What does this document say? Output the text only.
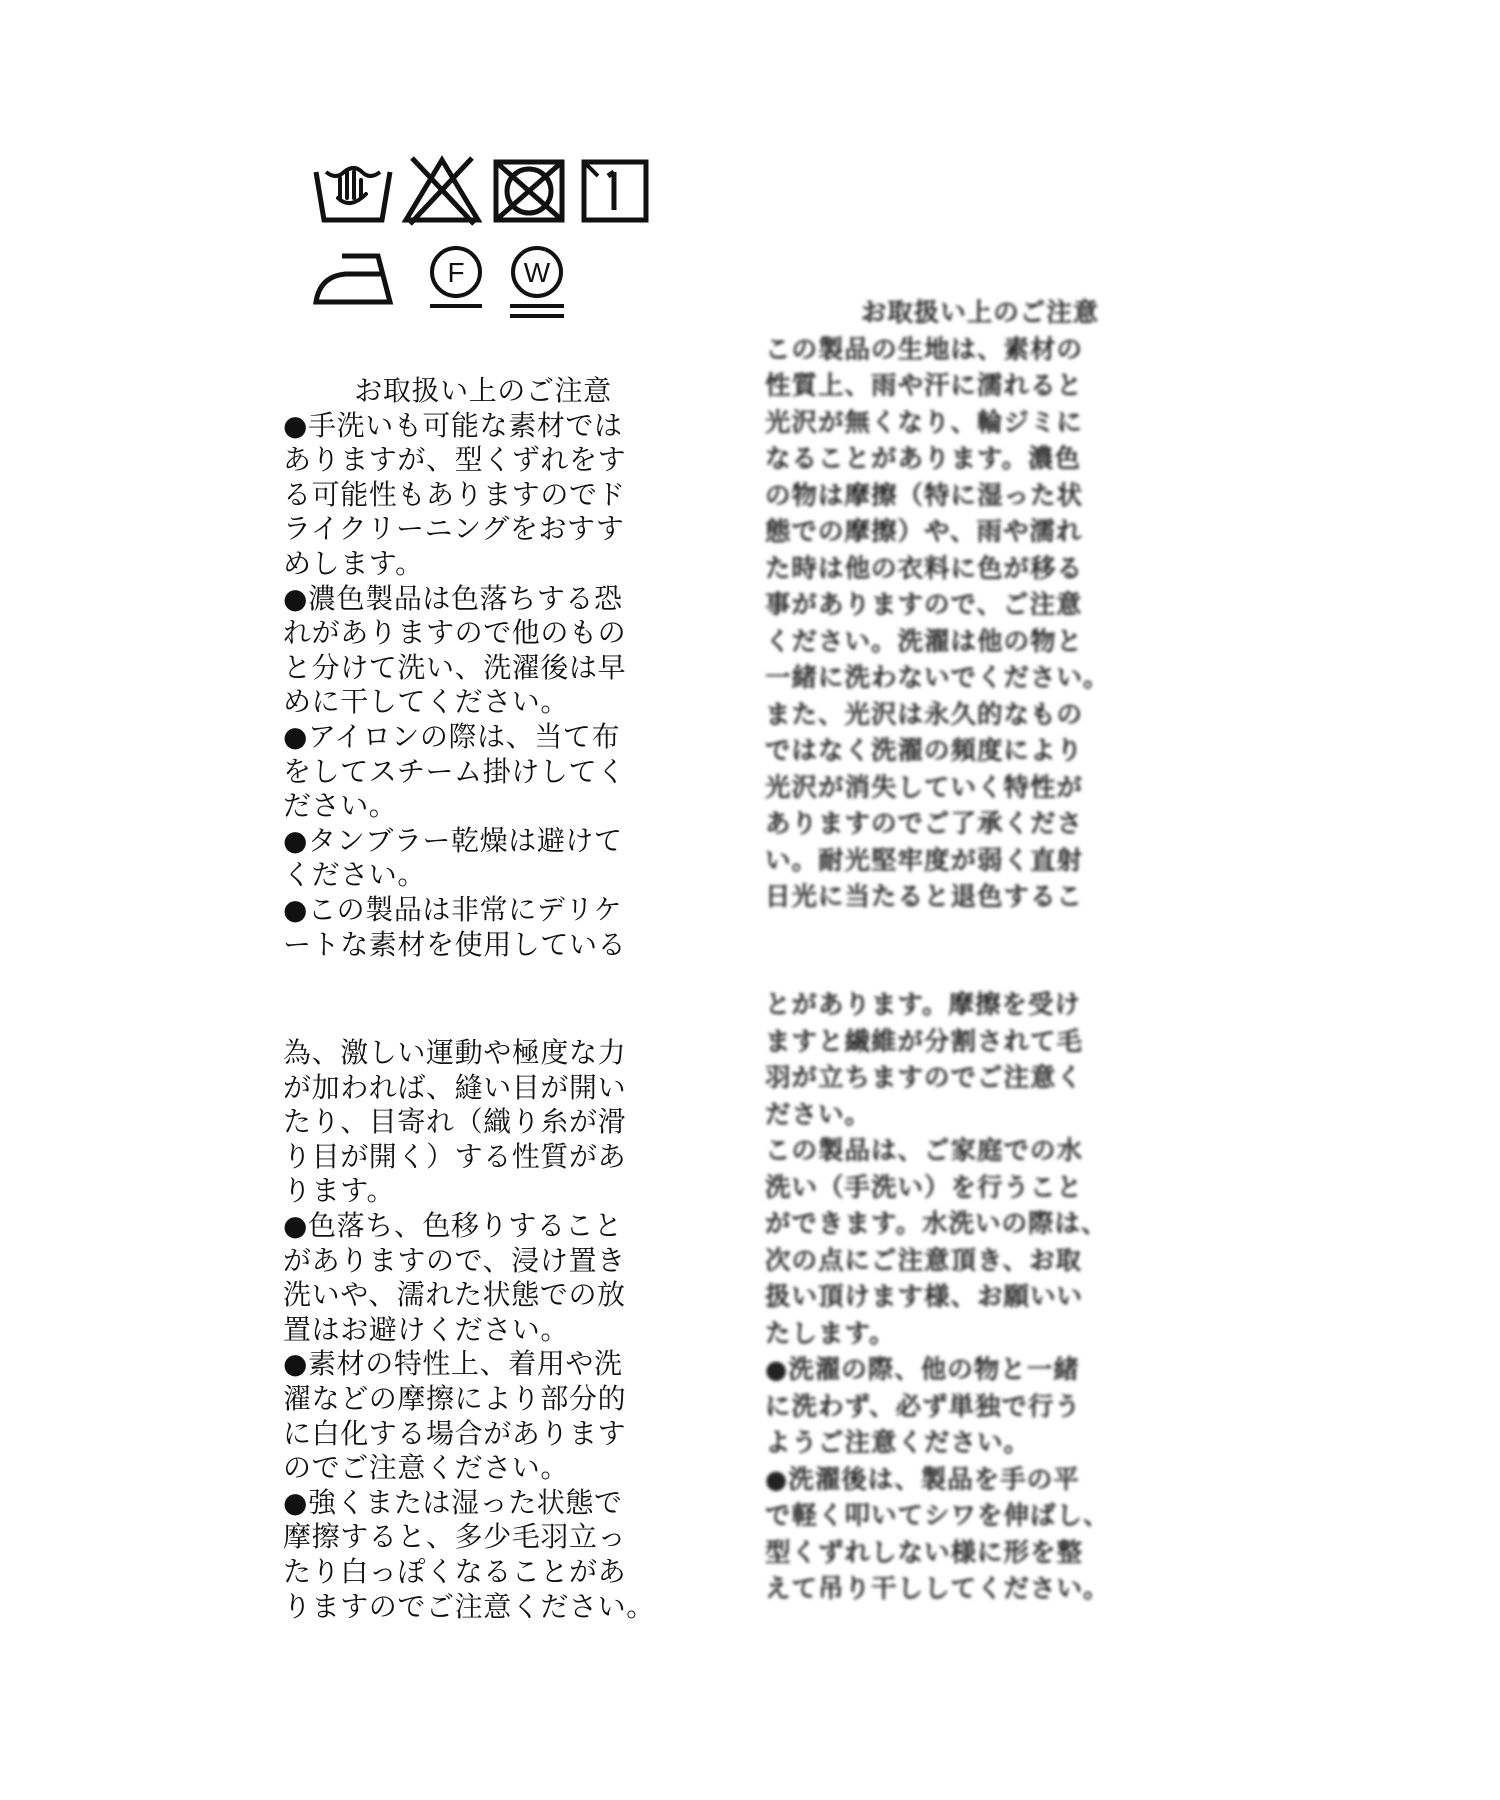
F W
お取扱い上のご注意
●手洗いも可能な素材では
ありますが、型くずれをす
る可能性もありますのでド
ライクリーニングをおすす
めします。
●濃色製品は色落ちする恐
れがありますので他のもの
と分けて洗い、洗濯後は早
めに干してください。
●アイロンの際は、当て布
をしてスチーム掛けしてく
ださい。
●タンブラー乾燥は避けて
ください。
●この製品は非常にデリケ
ートな素材を使用している
為、激しい運動や極度な力
が加われば、縫い目が開い
たり、目寄れ（織り糸が滑
り目が開く）する性質があ
ります。
●色落ち、色移りすること
がありますので、浸け置き
洗いや、濡れた状態での放
置はお避けください。
●素材の特性上、着用や洗
濯などの摩擦により部分的
に白化する場合があります
のでご注意ください。
●強くまたは湿った状態で
摩擦すると、多少毛羽立っ
たり白っぽくなることがあ
りますのでご注意ください。
お取扱い上のご注意
この製品の生地は、素材の
性質上、雨や汗に濡れると
光沢が無くなり、輪ジミに
なることがあります。濃色
の物は摩擦（特に湿った状
態での摩擦）や、雨や濡れ
た時は他の衣料に色が移る
事がありますので、ご注意
ください。洗濯は他の物と
一緒に洗わないでください。
また、光沢は永久的なもの
ではなく洗濯の頻度により
光沢が消失していく特性が
ありますのでご了承くださ
い。耐光堅牢度が弱く直射
日光に当たると退色するこ
とがあります。摩擦を受け
ますと繊維が分割されて毛
羽が立ちますのでご注意く
ださい。
この製品は、ご家庭での水
洗い（手洗い）を行うこと
ができます。水洗いの際は、
次の点にご注意頂き、お取
扱い頂けます様、お願いい
たします。
●洗濯の際、他の物と一緒
に洗わず、必ず単独で行う
ようご注意ください。
●洗濯後は、製品を手の平
で軽く叩いてシワを伸ばし、
型くずれしない様に形を整
えて吊り干ししてください。
